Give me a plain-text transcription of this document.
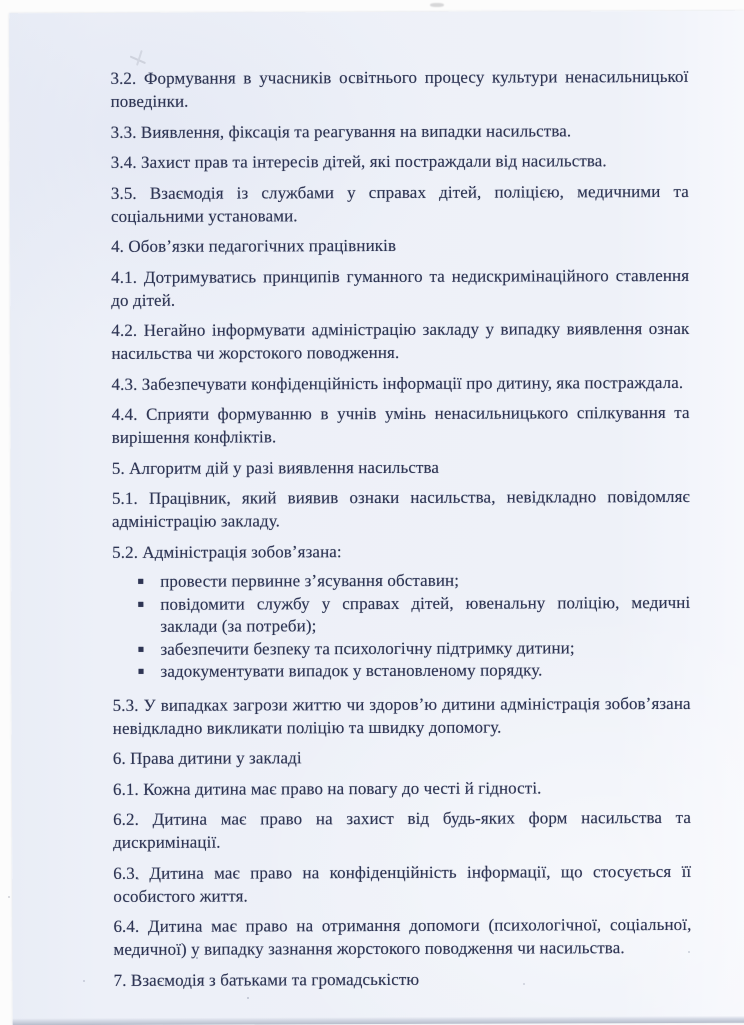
3.2. Формування в учасників освітнього процесу культури ненасильницької поведінки.

3.3. Виявлення, фіксація та реагування на випадки насильства.

3.4. Захист прав та інтересів дітей, які постраждали від насильства.

3.5. Взаємодія із службами у справах дітей, поліцією, медичними та соціальними установами.

4. Обов’язки педагогічних працівників

4.1. Дотримуватись принципів гуманного та недискримінаційного ставлення до дітей.

4.2. Негайно інформувати адміністрацію закладу у випадку виявлення ознак насильства чи жорстокого поводження.

4.3. Забезпечувати конфіденційність інформації про дитину, яка постраждала.

4.4. Сприяти формуванню в учнів умінь ненасильницького спілкування та вирішення конфліктів.

5. Алгоритм дій у разі виявлення насильства

5.1. Працівник, який виявив ознаки насильства, невідкладно повідомляє адміністрацію закладу.

5.2. Адміністрація зобов’язана:

провести первинне з’ясування обставин;
повідомити службу у справах дітей, ювенальну поліцію, медичні заклади (за потреби);
забезпечити безпеку та психологічну підтримку дитини;
задокументувати випадок у встановленому порядку.

5.3. У випадках загрози життю чи здоров’ю дитини адміністрація зобов’язана невідкладно викликати поліцію та швидку допомогу.

6. Права дитини у закладі

6.1. Кожна дитина має право на повагу до честі й гідності.

6.2. Дитина має право на захист від будь-яких форм насильства та дискримінації.

6.3. Дитина має право на конфіденційність інформації, що стосується її особистого життя.

6.4. Дитина має право на отримання допомоги (психологічної, соціальної, медичної) у випадку зазнання жорстокого поводження чи насильства.

7. Взаємодія з батьками та громадськістю
